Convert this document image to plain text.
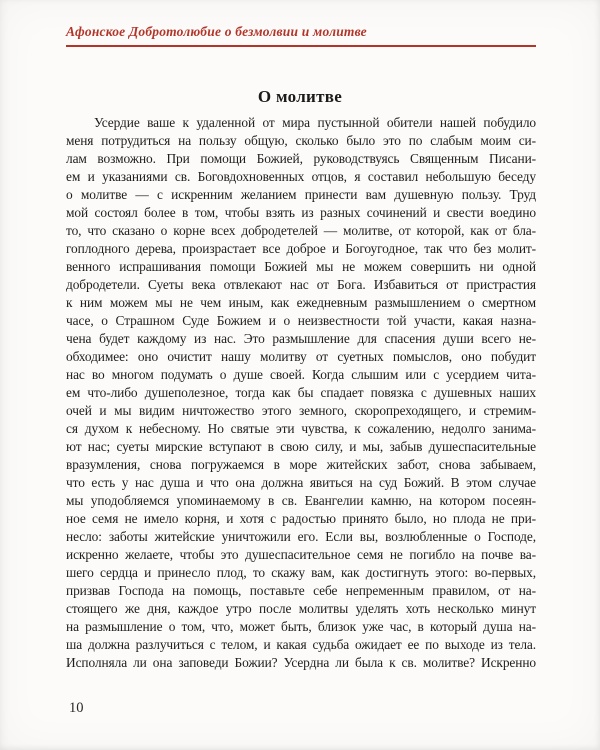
Афонское Добротолюбие о безмолвии и молитве
О молитве
Усердие ваше к удаленной от мира пустынной обители нашей побудило
меня потрудиться на пользу общую, сколько было это по слабым моим си-
лам возможно. При помощи Божией, руководствуясь Священным Писани-
ем и указаниями св. Боговдохновенных отцов, я составил небольшую беседу
о молитве — с искренним желанием принести вам душевную пользу. Труд
мой состоял более в том, чтобы взять из разных сочинений и свести воедино
то, что сказано о корне всех добродетелей — молитве, от которой, как от бла-
гоплодного дерева, произрастает все доброе и Богоугодное, так что без молит-
венного испрашивания помощи Божией мы не можем совершить ни одной
добродетели. Суеты века отвлекают нас от Бога. Избавиться от пристрастия
к ним можем мы не чем иным, как ежедневным размышлением о смертном
часе, о Страшном Суде Божием и о неизвестности той участи, какая назна-
чена будет каждому из нас. Это размышление для спасения души всего не-
обходимее: оно очистит нашу молитву от суетных помыслов, оно побудит
нас во многом подумать о душе своей. Когда слышим или с усердием чита-
ем что-либо душеполезное, тогда как бы спадает повязка с душевных наших
очей и мы видим ничтожество этого земного, скоропреходящего, и стремим-
ся духом к небесному. Но святые эти чувства, к сожалению, недолго занима-
ют нас; суеты мирские вступают в свою силу, и мы, забыв душеспасительные
вразумления, снова погружаемся в море житейских забот, снова забываем,
что есть у нас душа и что она должна явиться на суд Божий. В этом случае
мы уподобляемся упоминаемому в св. Евангелии камню, на котором посеян-
ное семя не имело корня, и хотя с радостью принято было, но плода не при-
несло: заботы житейские уничтожили его. Если вы, возлюбленные о Господе,
искренно желаете, чтобы это душеспасительное семя не погибло на почве ва-
шего сердца и принесло плод, то скажу вам, как достигнуть этого: во-первых,
призвав Господа на помощь, поставьте себе непременным правилом, от на-
стоящего же дня, каждое утро после молитвы уделять хоть несколько минут
на размышление о том, что, может быть, близок уже час, в который душа на-
ша должна разлучиться с телом, и какая судьба ожидает ее по выходе из тела.
Исполняла ли она заповеди Божии? Усердна ли была к св. молитве? Искренно
10
